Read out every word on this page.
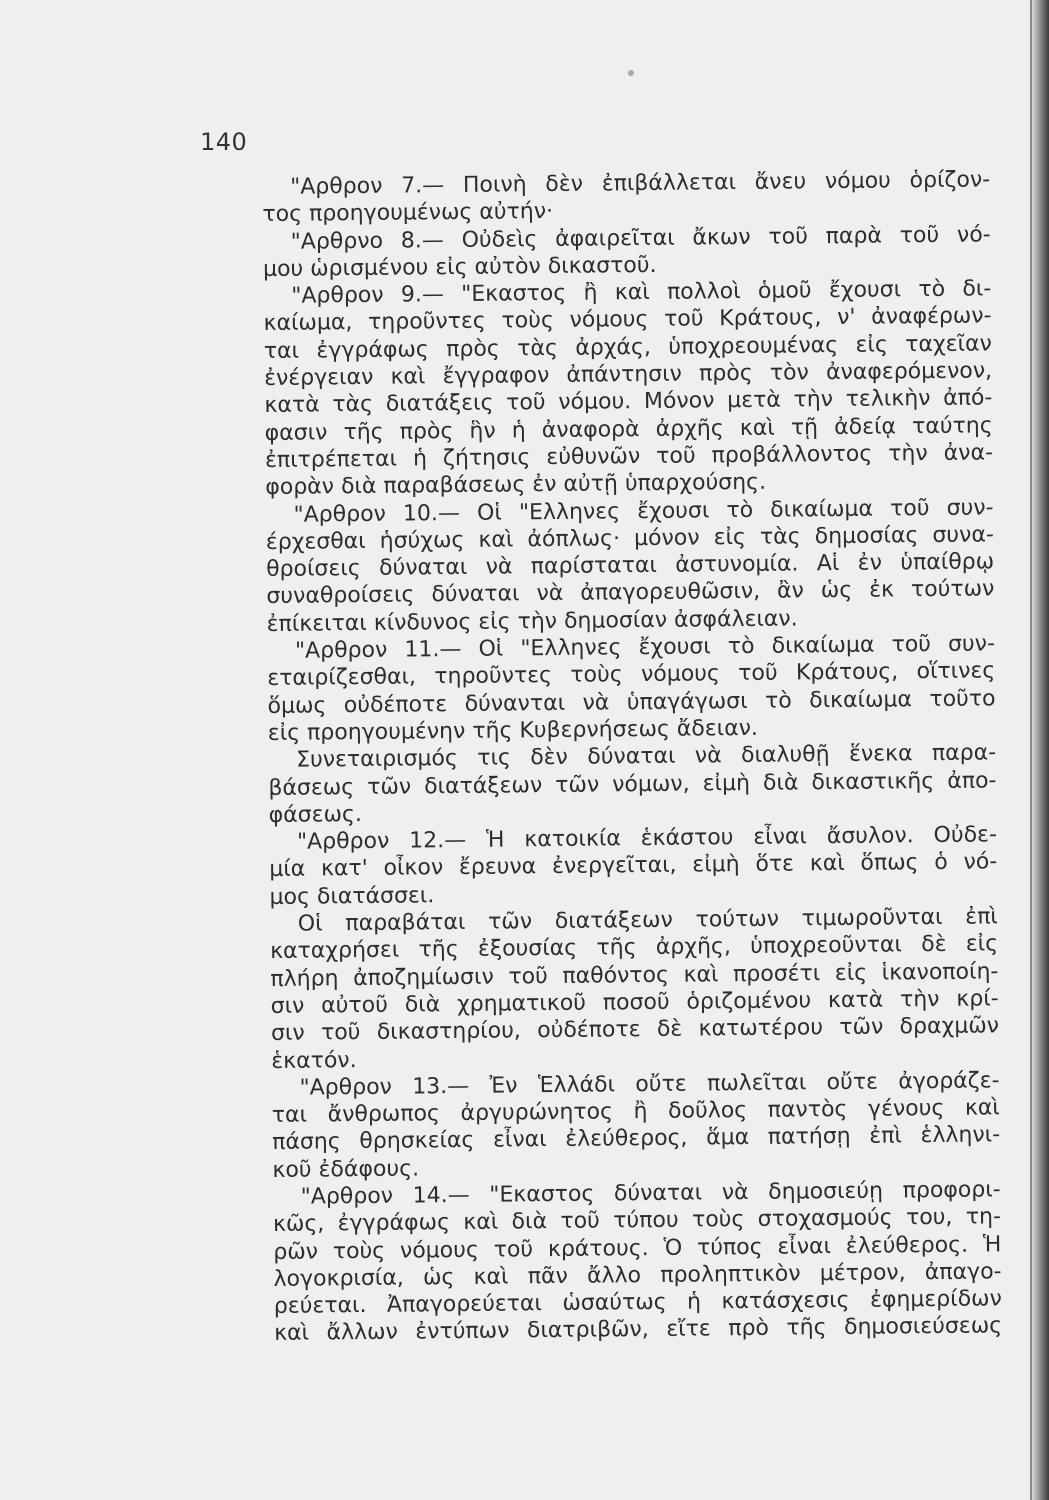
140
"Αρθρον 7.— Ποινὴ δὲν ἐπιβάλλεται ἄνευ νόμου ὁρίζον-
τος προηγουμένως αὐτήν·
"Αρθρνο 8.— Οὐδεὶς ἀφαιρεῖται ἄκων τοῦ παρὰ τοῦ νό-
μου ὡρισμένου εἰς αὐτὸν δικαστοῦ.
"Αρθρον 9.— "Εκαστος ἢ καὶ πολλοὶ ὁμοῦ ἔχουσι τὸ δι-
καίωμα, τηροῦντες τοὺς νόμους τοῦ Κράτους, ν' ἀναφέρων-
ται ἐγγράφως πρὸς τὰς ἀρχάς, ὑποχρεουμένας εἰς ταχεῖαν
ἐνέργειαν καὶ ἔγγραφον ἀπάντησιν πρὸς τὸν ἀναφερόμενον,
κατὰ τὰς διατάξεις τοῦ νόμου. Μόνον μετὰ τὴν τελικὴν ἀπό-
φασιν τῆς πρὸς ἣν ἡ ἀναφορὰ ἀρχῆς καὶ τῇ ἀδείᾳ ταύτης
ἐπιτρέπεται ἡ ζήτησις εὐθυνῶν τοῦ προβάλλοντος τὴν ἀνα-
φορὰν διὰ παραβάσεως ἐν αὐτῇ ὑπαρχούσης.
"Αρθρον 10.— Οἱ "Ελληνες ἔχουσι τὸ δικαίωμα τοῦ συν-
έρχεσθαι ἡσύχως καὶ ἀόπλως· μόνον εἰς τὰς δημοσίας συνα-
θροίσεις δύναται νὰ παρίσταται ἀστυνομία. Αἱ ἐν ὑπαίθρῳ
συναθροίσεις δύναται νὰ ἀπαγορευθῶσιν, ἂν ὡς ἐκ τούτων
ἐπίκειται κίνδυνος εἰς τὴν δημοσίαν ἀσφάλειαν.
"Αρθρον 11.— Οἱ "Ελληνες ἔχουσι τὸ δικαίωμα τοῦ συν-
εταιρίζεσθαι, τηροῦντες τοὺς νόμους τοῦ Κράτους, οἵτινες
ὅμως οὐδέποτε δύνανται νὰ ὑπαγάγωσι τὸ δικαίωμα τοῦτο
εἰς προηγουμένην τῆς Κυβερνήσεως ἄδειαν.
Συνεταιρισμός τις δὲν δύναται νὰ διαλυθῇ ἕνεκα παρα-
βάσεως τῶν διατάξεων τῶν νόμων, εἰμὴ διὰ δικαστικῆς ἀπο-
φάσεως.
"Αρθρον 12.— Ἡ κατοικία ἑκάστου εἶναι ἄσυλον. Οὐδε-
μία κατ' οἶκον ἔρευνα ἐνεργεῖται, εἰμὴ ὅτε καὶ ὅπως ὁ νό-
μος διατάσσει.
Οἱ παραβάται τῶν διατάξεων τούτων τιμωροῦνται ἐπὶ
καταχρήσει τῆς ἐξουσίας τῆς ἀρχῆς, ὑποχρεοῦνται δὲ εἰς
πλήρη ἀποζημίωσιν τοῦ παθόντος καὶ προσέτι εἰς ἱκανοποίη-
σιν αὐτοῦ διὰ χρηματικοῦ ποσοῦ ὁριζομένου κατὰ τὴν κρί-
σιν τοῦ δικαστηρίου, οὐδέποτε δὲ κατωτέρου τῶν δραχμῶν
ἑκατόν.
"Αρθρον 13.— Ἐν Ἑλλάδι οὔτε πωλεῖται οὔτε ἀγοράζε-
ται ἄνθρωπος ἀργυρώνητος ἢ δοῦλος παντὸς γένους καὶ
πάσης θρησκείας εἶναι ἐλεύθερος, ἅμα πατήσῃ ἐπὶ ἑλληνι-
κοῦ ἐδάφους.
"Αρθρον 14.— "Εκαστος δύναται νὰ δημοσιεύῃ προφορι-
κῶς, ἐγγράφως καὶ διὰ τοῦ τύπου τοὺς στοχασμούς του, τη-
ρῶν τοὺς νόμους τοῦ κράτους. Ὁ τύπος εἶναι ἐλεύθερος. Ἡ
λογοκρισία, ὡς καὶ πᾶν ἄλλο προληπτικὸν μέτρον, ἀπαγο-
ρεύεται. Ἀπαγορεύεται ὡσαύτως ἡ κατάσχεσις ἐφημερίδων
καὶ ἄλλων ἐντύπων διατριβῶν, εἴτε πρὸ τῆς δημοσιεύσεως
